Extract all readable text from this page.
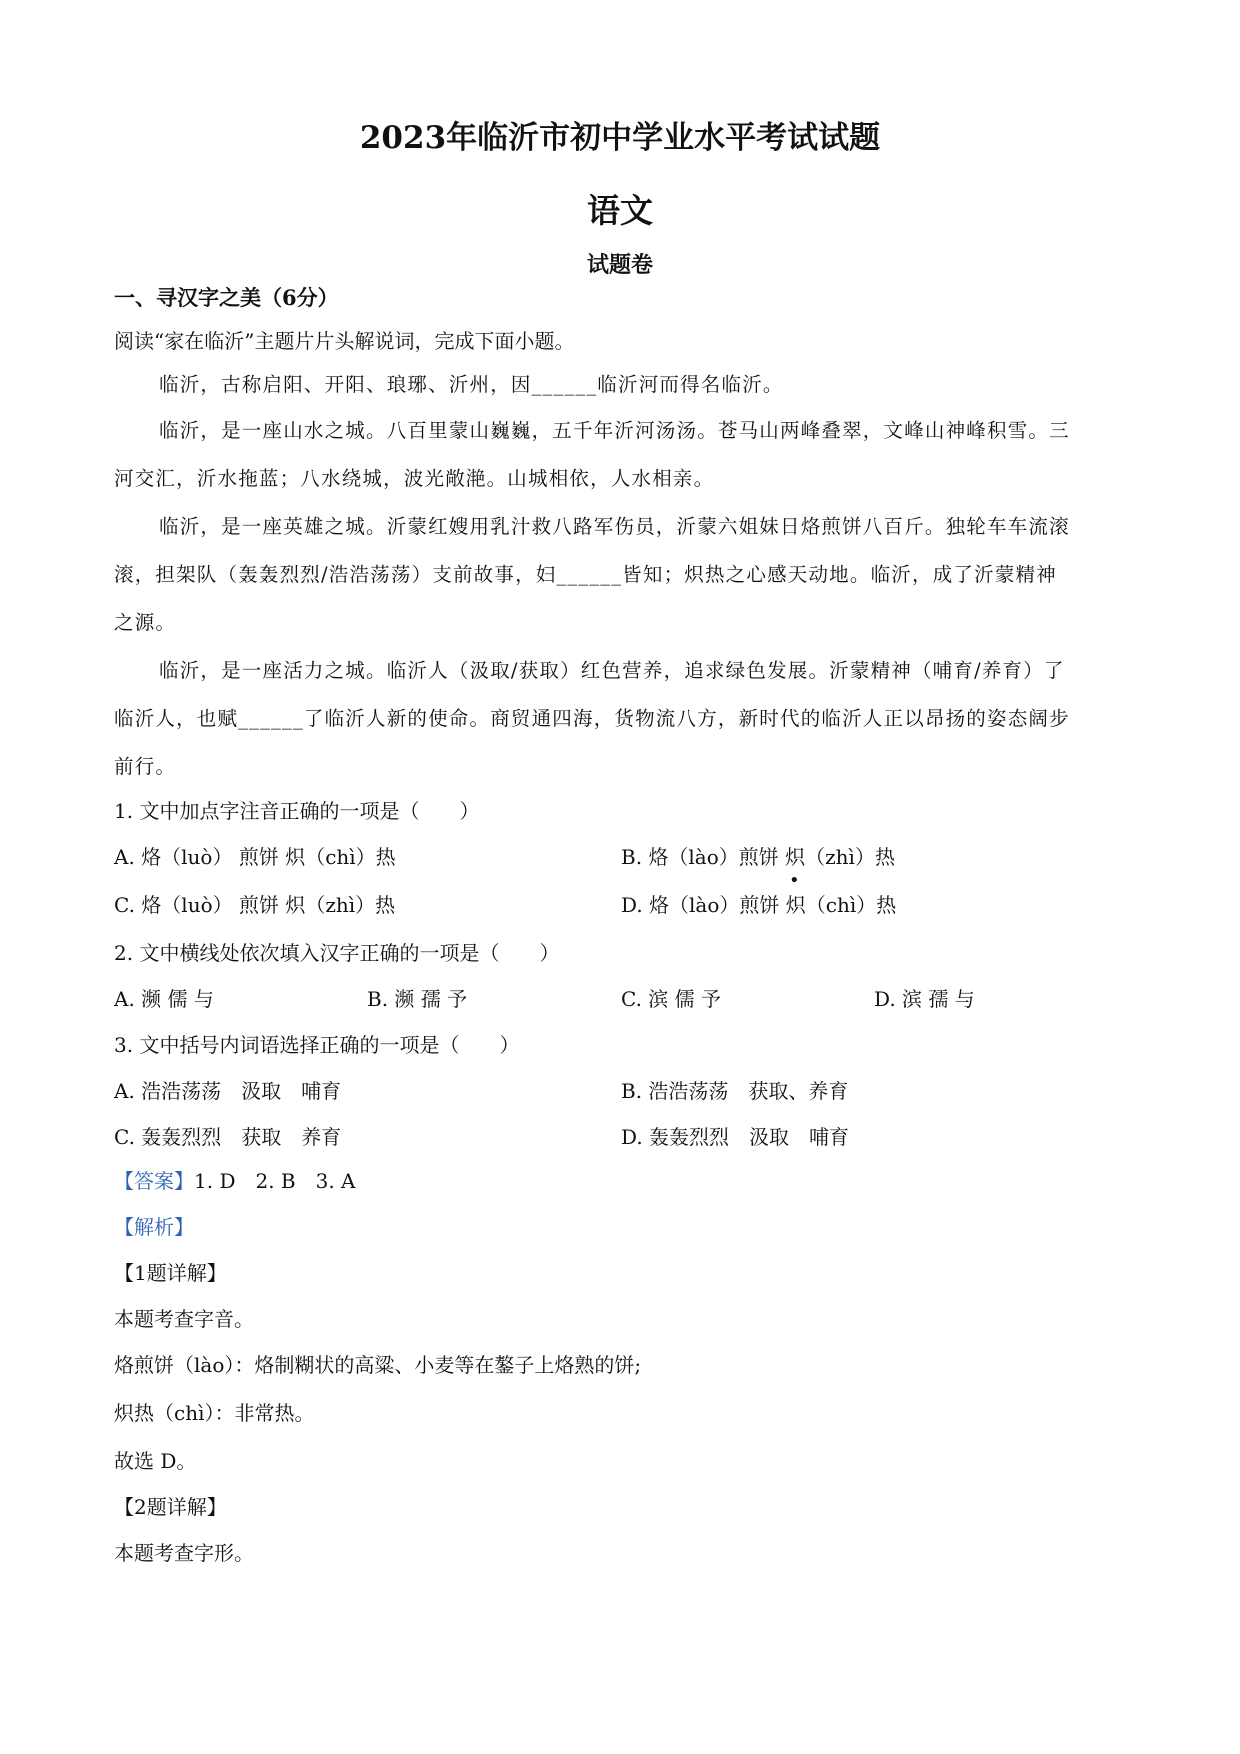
2023年临沂市初中学业水平考试试题
语文
试题卷
一、寻汉字之美（6分）
阅读“家在临沂”主题片片头解说词，完成下面小题。
临沂，古称启阳、开阳、琅琊、沂州，因______临沂河而得名临沂。
临沂，是一座山水之城。八百里蒙山巍巍，五千年沂河汤汤。苍马山两峰叠翠，文峰山神峰积雪。三
河交汇，沂水拖蓝；八水绕城，波光敞滟。山城相依，人水相亲。
临沂，是一座英雄之城。沂蒙红嫂用乳汁救八路军伤员，沂蒙六姐妹日烙煎饼八百斤。独轮车车流滚
滚，担架队（轰轰烈烈/浩浩荡荡）支前故事，妇______皆知；炽热之心感天动地。临沂，成了沂蒙精神
之源。
临沂，是一座活力之城。临沂人（汲取/获取）红色营养，追求绿色发展。沂蒙精神（哺育/养育）了
临沂人，也赋______了临沂人新的使命。商贸通四海，货物流八方，新时代的临沂人正以昂扬的姿态阔步
前行。
1. 文中加点字注音正确的一项是（　　）
A. 烙（luò） 煎饼 炽（chì）热	B. 烙（lào）煎饼 炽（zhì）热
C. 烙（luò） 煎饼 炽（zhì）热	D. 烙（lào）煎饼 炽（chì）热
•
2. 文中横线处依次填入汉字正确的一项是（　　）
A. 濒 儒 与	B. 濒 孺 予	C. 滨 儒 予	D. 滨 孺 与
3. 文中括号内词语选择正确的一项是（　　）
A. 浩浩荡荡　汲取　哺育	B. 浩浩荡荡　获取、养育
C. 轰轰烈烈　获取　养育	D. 轰轰烈烈　汲取　哺育
【答案】1. D　2. B　3. A
【解析】
【1题详解】
本题考查字音。
烙煎饼（lào）：烙制糊状的高粱、小麦等在鏊子上烙熟的饼;
炽热（chì）：非常热。
故选 D。
【2题详解】
本题考查字形。
